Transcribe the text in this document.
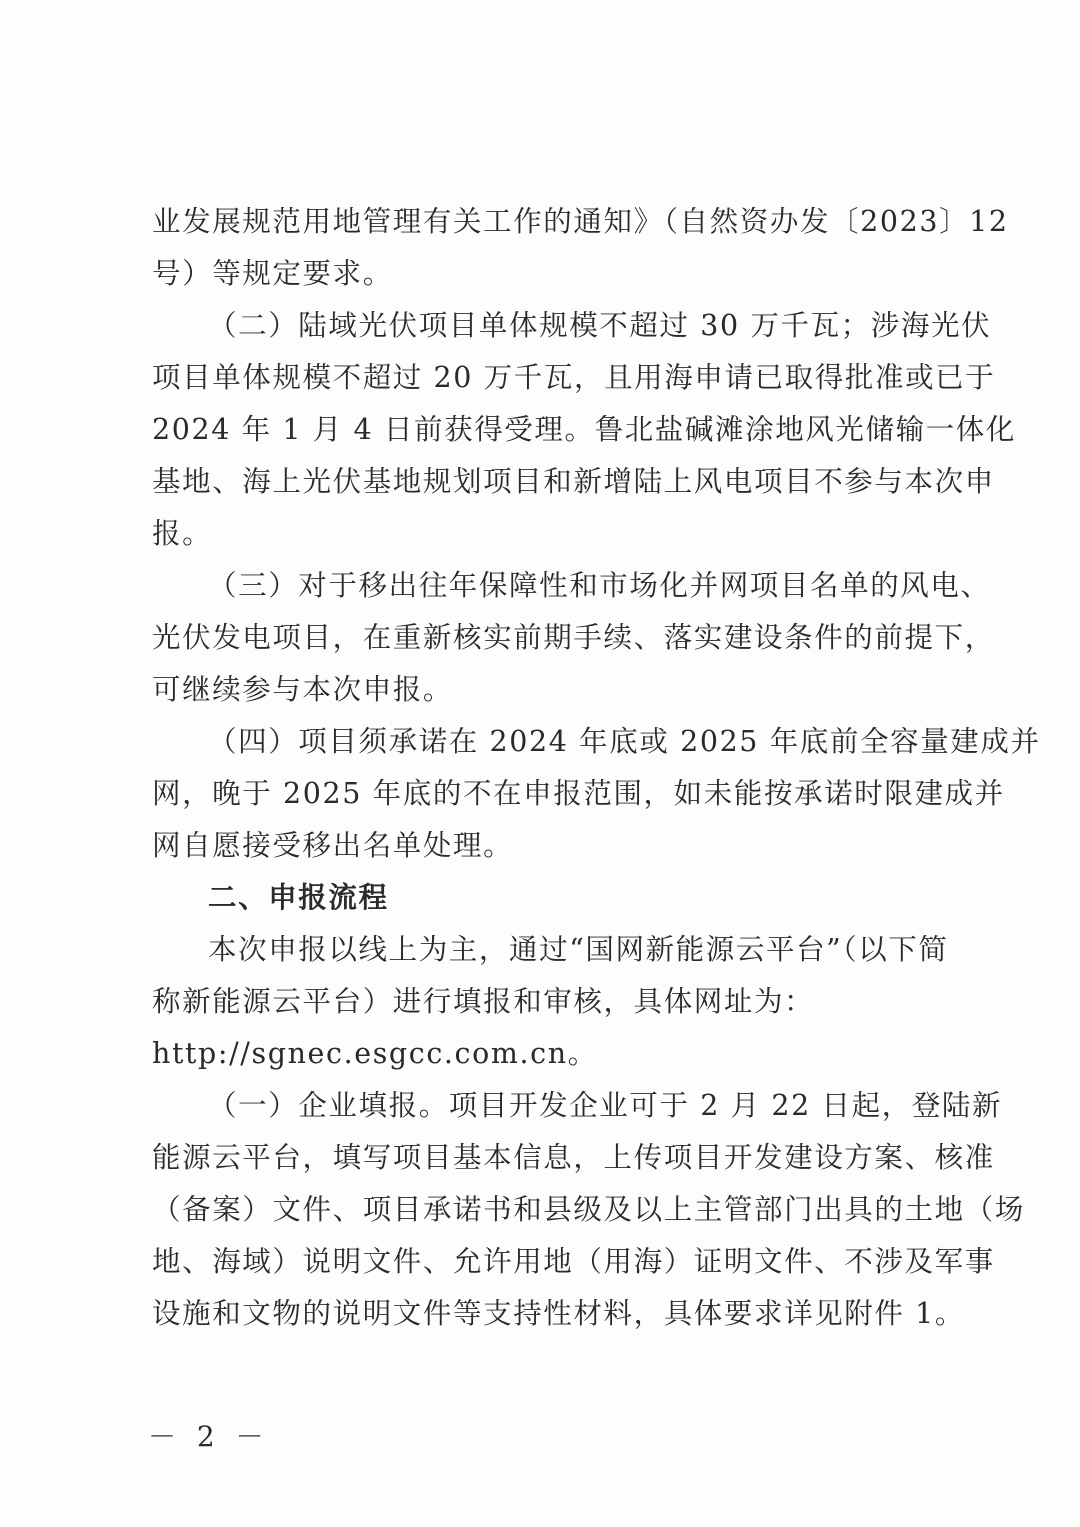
业发展规范用地管理有关工作的通知》（自然资办发〔2023〕12
号）等规定要求。
（二）陆域光伏项目单体规模不超过 30 万千瓦；涉海光伏
项目单体规模不超过 20 万千瓦，且用海申请已取得批准或已于
2024 年 1 月 4 日前获得受理。鲁北盐碱滩涂地风光储输一体化
基地、海上光伏基地规划项目和新增陆上风电项目不参与本次申
报。
（三）对于移出往年保障性和市场化并网项目名单的风电、
光伏发电项目，在重新核实前期手续、落实建设条件的前提下，
可继续参与本次申报。
（四）项目须承诺在 2024 年底或 2025 年底前全容量建成并
网，晚于 2025 年底的不在申报范围，如未能按承诺时限建成并
网自愿接受移出名单处理。
二、申报流程
本次申报以线上为主，通过“国网新能源云平台”（以下简
称新能源云平台）进行填报和审核，具体网址为：
http://sgnec.esgcc.com.cn。
（一）企业填报。项目开发企业可于 2 月 22 日起，登陆新
能源云平台，填写项目基本信息，上传项目开发建设方案、核准
（备案）文件、项目承诺书和县级及以上主管部门出具的土地（场
地、海域）说明文件、允许用地（用海）证明文件、不涉及军事
设施和文物的说明文件等支持性材料，具体要求详见附件 1。
－ 2 －
